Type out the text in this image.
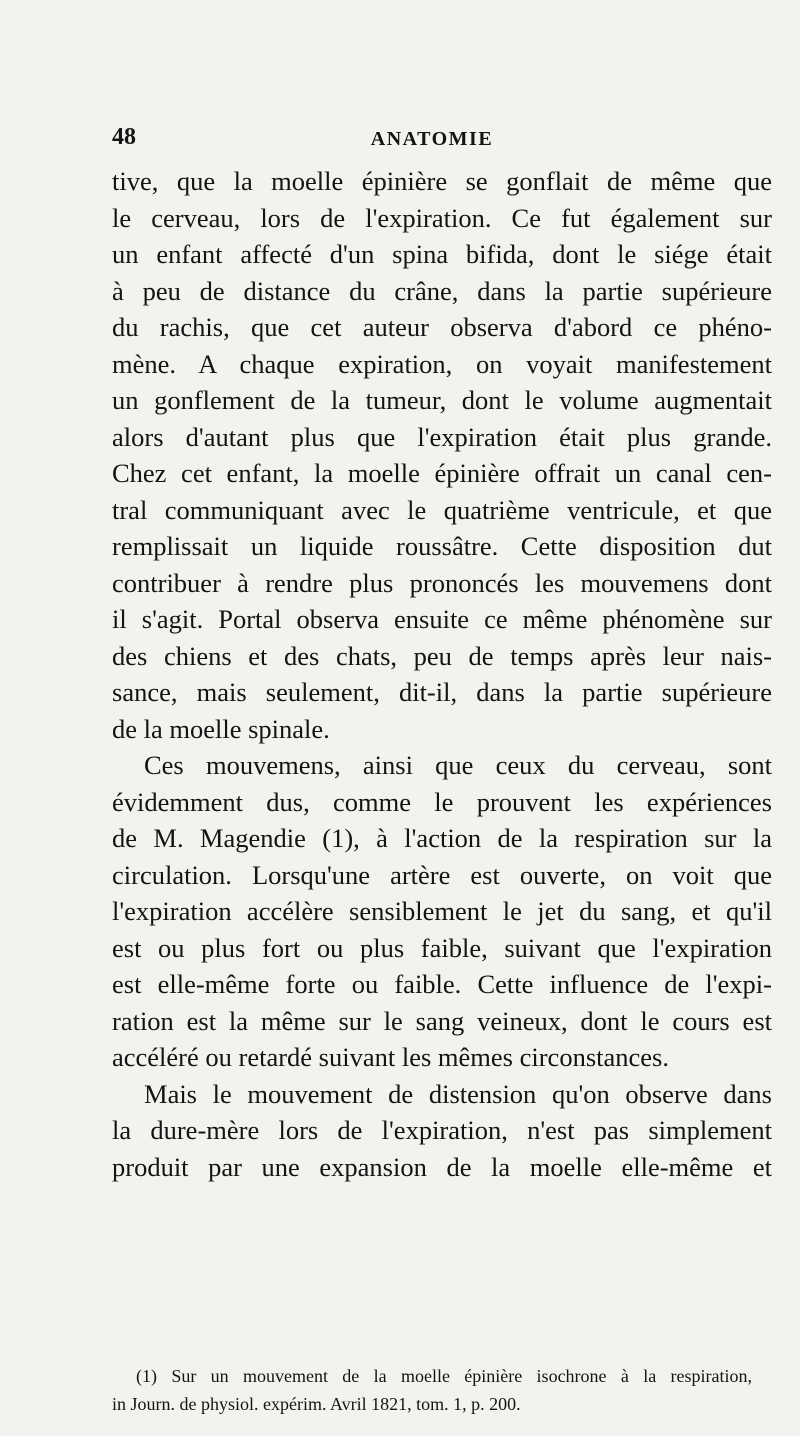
48	ANATOMIE
tive, que la moelle épinière se gonflait de même que
le cerveau, lors de l'expiration. Ce fut également sur
un enfant affecté d'un spina bifida, dont le siége était
à peu de distance du crâne, dans la partie supérieure
du rachis, que cet auteur observa d'abord ce phéno-
mène. A chaque expiration, on voyait manifestement
un gonflement de la tumeur, dont le volume augmentait
alors d'autant plus que l'expiration était plus grande.
Chez cet enfant, la moelle épinière offrait un canal cen-
tral communiquant avec le quatrième ventricule, et que
remplissait un liquide roussâtre. Cette disposition dut
contribuer à rendre plus prononcés les mouvemens dont
il s'agit. Portal observa ensuite ce même phénomène sur
des chiens et des chats, peu de temps après leur nais-
sance, mais seulement, dit-il, dans la partie supérieure
de la moelle spinale.
Ces mouvemens, ainsi que ceux du cerveau, sont
évidemment dus, comme le prouvent les expériences
de M. Magendie (1), à l'action de la respiration sur la
circulation. Lorsqu'une artère est ouverte, on voit que
l'expiration accélère sensiblement le jet du sang, et qu'il
est ou plus fort ou plus faible, suivant que l'expiration
est elle-même forte ou faible. Cette influence de l'expi-
ration est la même sur le sang veineux, dont le cours est
accéléré ou retardé suivant les mêmes circonstances.
Mais le mouvement de distension qu'on observe dans
la dure-mère lors de l'expiration, n'est pas simplement
produit par une expansion de la moelle elle-même et
(1) Sur un mouvement de la moelle épinière isochrone à la respiration,
in Journ. de physiol. expérim. Avril 1821, tom. 1, p. 200.
